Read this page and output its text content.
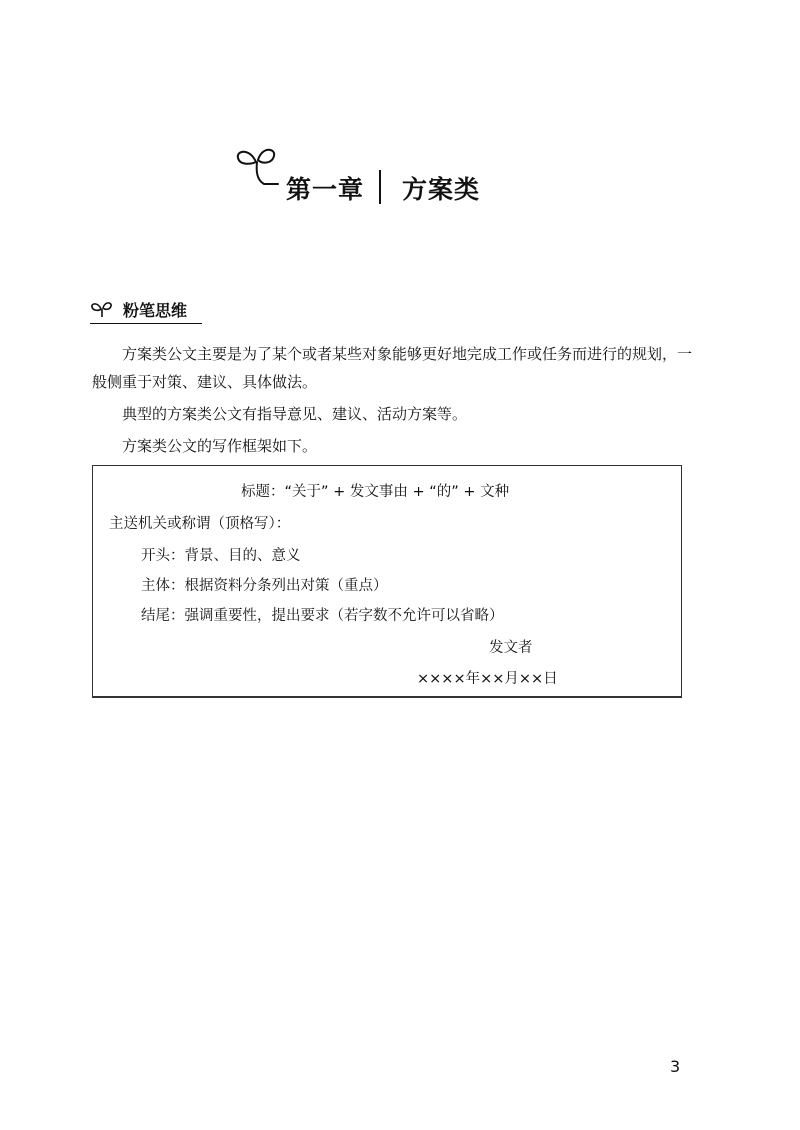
第一章 方案类
粉笔思维

方案类公文主要是为了某个或者某些对象能够更好地完成工作或任务而进行的规划，一般侧重于对策、建议、具体做法。

典型的方案类公文有指导意见、建议、活动方案等。

方案类公文的写作框架如下。

标题：“关于” + 发文事由 + “的” + 文种
主送机关或称谓（顶格写）：
开头：背景、目的、意义
主体：根据资料分条列出对策（重点）
结尾：强调重要性，提出要求（若字数不允许可以省略）
发文者
××××年××月××日
3
